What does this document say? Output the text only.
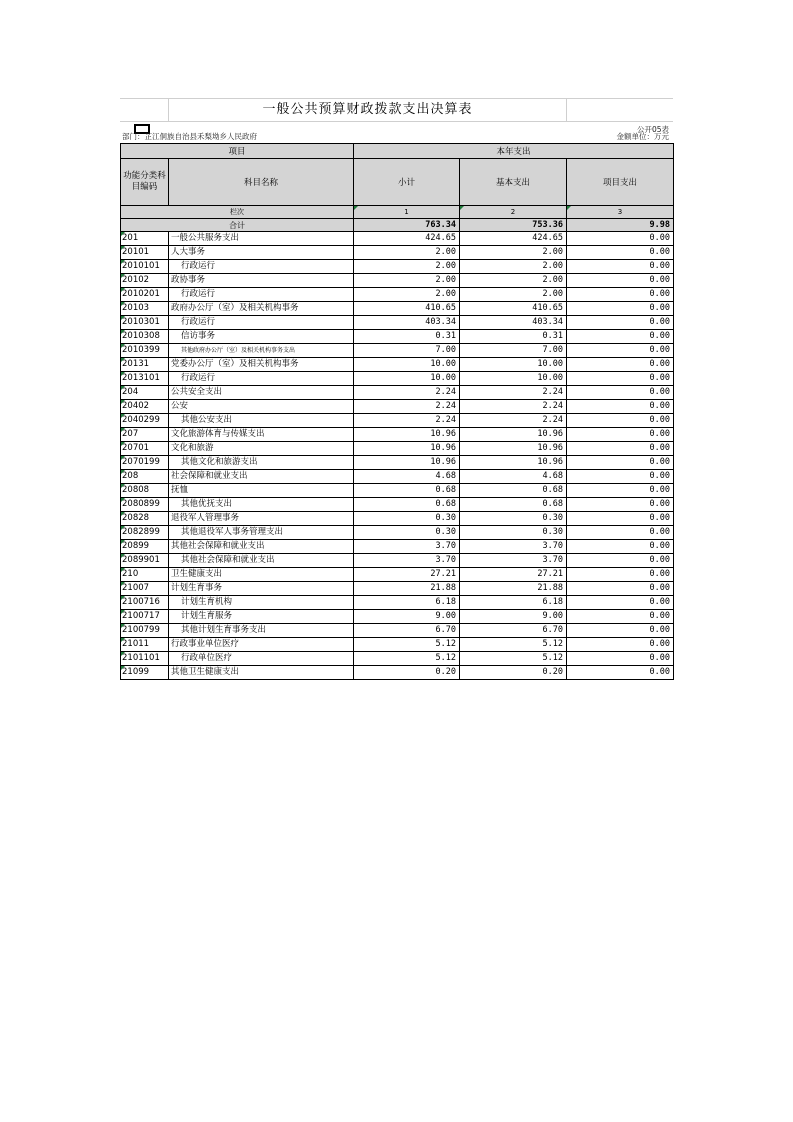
一般公共预算财政拨款支出决算表
公开05表
部门：芷江侗族自治县禾梨坳乡人民政府	金额单位：万元
项目		本年支出		
功能分类科目编码	科目名称	小计	基本支出	项目支出
栏次		1	2	3
合计		763.34	753.36	9.98

201	一般公共服务支出	424.65	424.65	0.00

20101	人大事务	2.00	2.00	0.00

2010101	行政运行	2.00	2.00	0.00

20102	政协事务	2.00	2.00	0.00

2010201	行政运行	2.00	2.00	0.00

20103	政府办公厅（室）及相关机构事务	410.65	410.65	0.00

2010301	行政运行	403.34	403.34	0.00

2010308	信访事务	0.31	0.31	0.00

2010399	其他政府办公厅（室）及相关机构事务支出	7.00	7.00	0.00

20131	党委办公厅（室）及相关机构事务	10.00	10.00	0.00

2013101	行政运行	10.00	10.00	0.00

204	公共安全支出	2.24	2.24	0.00

20402	公安	2.24	2.24	0.00

2040299	其他公安支出	2.24	2.24	0.00

207	文化旅游体育与传媒支出	10.96	10.96	0.00

20701	文化和旅游	10.96	10.96	0.00

2070199	其他文化和旅游支出	10.96	10.96	0.00

208	社会保障和就业支出	4.68	4.68	0.00

20808	抚恤	0.68	0.68	0.00

2080899	其他优抚支出	0.68	0.68	0.00

20828	退役军人管理事务	0.30	0.30	0.00

2082899	其他退役军人事务管理支出	0.30	0.30	0.00

20899	其他社会保障和就业支出	3.70	3.70	0.00

2089901	其他社会保障和就业支出	3.70	3.70	0.00

210	卫生健康支出	27.21	27.21	0.00

21007	计划生育事务	21.88	21.88	0.00

2100716	计划生育机构	6.18	6.18	0.00

2100717	计划生育服务	9.00	9.00	0.00

2100799	其他计划生育事务支出	6.70	6.70	0.00

21011	行政事业单位医疗	5.12	5.12	0.00

2101101	行政单位医疗	5.12	5.12	0.00

21099	其他卫生健康支出	0.20	0.20	0.00
